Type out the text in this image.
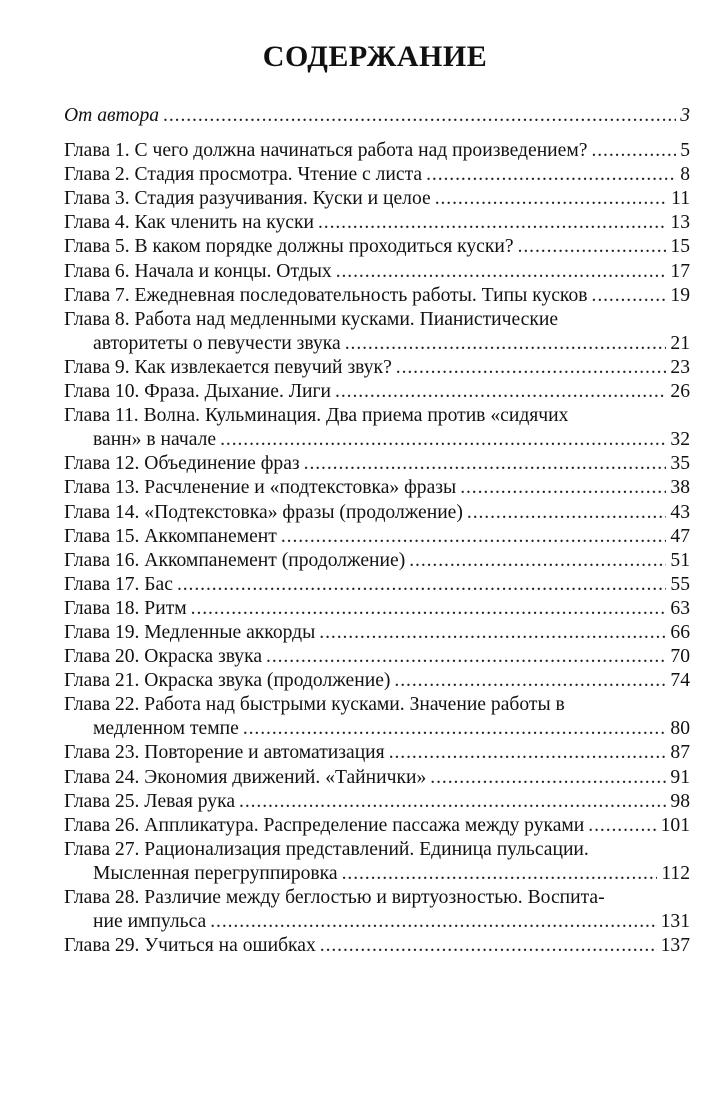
СОДЕРЖАНИЕ
От автора . . .	3
Глава 1. С чего должна начинаться работа над произведением? . . .	5
Глава 2. Стадия просмотра. Чтение с листа . . .	8
Глава 3. Стадия разучивания. Куски и целое . . .	11
Глава 4. Как членить на куски . . .	13
Глава 5. В каком порядке должны проходиться куски? . . .	15
Глава 6. Начала и концы. Отдых . . .	17
Глава 7. Ежедневная последовательность работы. Типы кусков . . .	19
Глава 8. Работа над медленными кусками. Пианистические
авторитеты о певучести звука . . .	21
Глава 9. Как извлекается певучий звук? . . .	23
Глава 10. Фраза. Дыхание. Лиги . . .	26
Глава 11. Волна. Кульминация. Два приема против «сидячих
ванн» в начале . . .	32
Глава 12. Объединение фраз . . .	35
Глава 13. Расчленение и «подтекстовка» фразы . . .	38
Глава 14. «Подтекстовка» фразы (продолжение) . . .	43
Глава 15. Аккомпанемент . . .	47
Глава 16. Аккомпанемент (продолжение) . . .	51
Глава 17. Бас . . .	55
Глава 18. Ритм . . .	63
Глава 19. Медленные аккорды . . .	66
Глава 20. Окраска звука . . .	70
Глава 21. Окраска звука (продолжение) . . .	74
Глава 22. Работа над быстрыми кусками. Значение работы в
медленном темпе . . .	80
Глава 23. Повторение и автоматизация . . .	87
Глава 24. Экономия движений. «Тайнички» . . .	91
Глава 25. Левая рука . . .	98
Глава 26. Аппликатура. Распределение пассажа между руками . . .	101
Глава 27. Рационализация представлений. Единица пульсации.
Мысленная перегруппировка . . .	112
Глава 28. Различие между беглостью и виртуозностью. Воспита-
ние импульса . . .	131
Глава 29. Учиться на ошибках . . .	137
